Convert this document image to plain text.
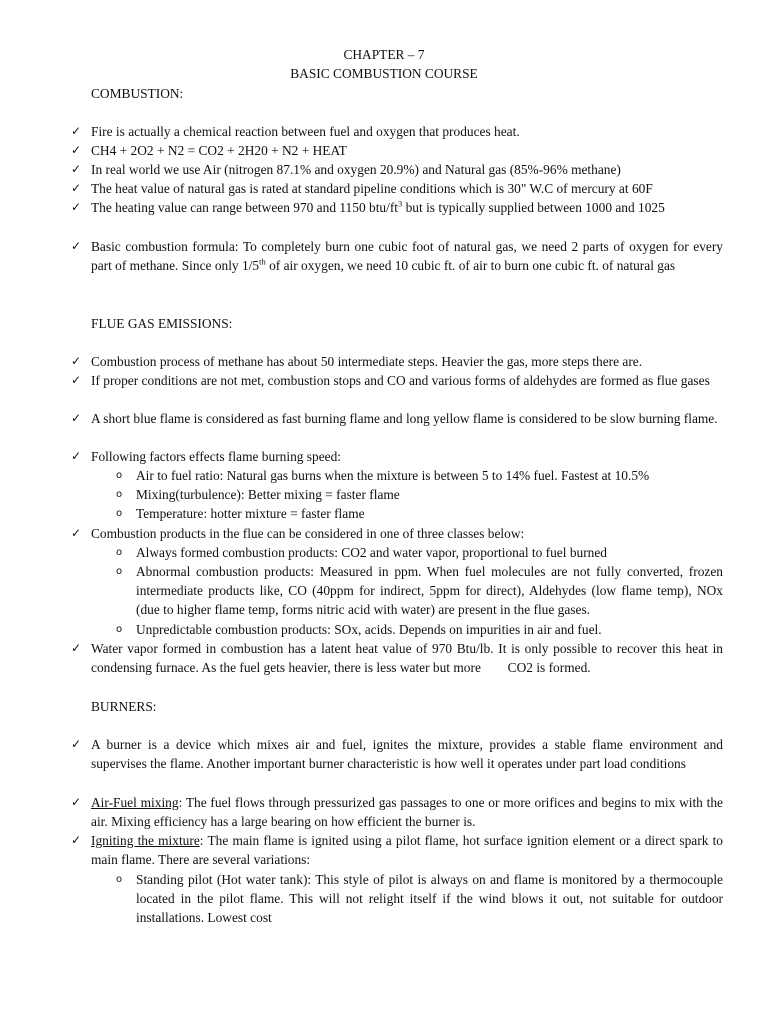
CHAPTER – 7
BASIC COMBUSTION COURSE
COMBUSTION:
✓ Fire is actually a chemical reaction between fuel and oxygen that produces heat.
✓ CH4 + 2O2 + N2 = CO2 + 2H20 + N2 + HEAT
✓ In real world we use Air (nitrogen 87.1% and oxygen 20.9%) and Natural gas (85%-96% methane)
✓ The heat value of natural gas is rated at standard pipeline conditions which is 30" W.C of mercury at 60F
✓ The heating value can range between 970 and 1150 btu/$ft^3$ but is typically supplied between 1000 and 1025
✓ Basic combustion formula: To completely burn one cubic foot of natural gas, we need 2 parts of oxygen for every part of methane. Since only 1/5th of air oxygen, we need 10 cubic ft. of air to burn one cubic ft. of natural gas
FLUE GAS EMISSIONS:
✓ Combustion process of methane has about 50 intermediate steps. Heavier the gas, more steps there are.
✓ If proper conditions are not met, combustion stops and CO and various forms of aldehydes are formed as flue gases
✓ A short blue flame is considered as fast burning flame and long yellow flame is considered to be slow burning flame.
✓ Following factors effects flame burning speed:
o Air to fuel ratio: Natural gas burns when the mixture is between 5 to 14% fuel. Fastest at 10.5%
o Mixing(turbulence): Better mixing = faster flame
o Temperature: hotter mixture = faster flame
✓ Combustion products in the flue can be considered in one of three classes below:
o Always formed combustion products: CO2 and water vapor, proportional to fuel burned
o Abnormal combustion products: Measured in ppm. When fuel molecules are not fully converted, frozen intermediate products like, CO (40ppm for indirect, 5ppm for direct), Aldehydes (low flame temp), NOx (due to higher flame temp, forms nitric acid with water) are present in the flue gases.
o Unpredictable combustion products: SOx, acids. Depends on impurities in air and fuel.
✓ Water vapor formed in combustion has a latent heat value of 970 Btu/lb. It is only possible to recover this heat in condensing furnace. As the fuel gets heavier, there is less water but more        CO2 is formed.
BURNERS:
✓ A burner is a device which mixes air and fuel, ignites the mixture, provides a stable flame environment and supervises the flame. Another important burner characteristic is how well it operates under part load conditions
✓ Air-Fuel mixing: The fuel flows through pressurized gas passages to one or more orifices and begins to mix with the air. Mixing efficiency has a large bearing on how efficient the burner is.
✓ Igniting the mixture: The main flame is ignited using a pilot flame, hot surface ignition element or a direct spark to main flame. There are several variations:
o Standing pilot (Hot water tank): This style of pilot is always on and flame is monitored by a thermocouple located in the pilot flame. This will not relight itself if the wind blows it out, not suitable for outdoor installations. Lowest cost
